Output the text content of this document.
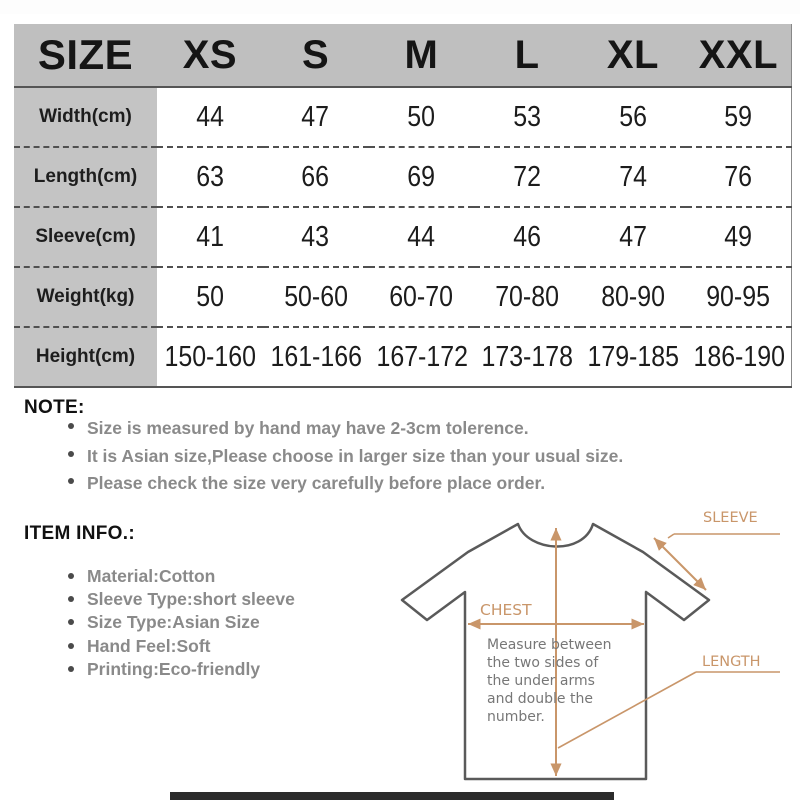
SIZE	XS	S	M	L	XL	XXL
Width(cm)	44	47	50	53	56	59
Length(cm)	63	66	69	72	74	76
Sleeve(cm)	41	43	44	46	47	49
Weight(kg)	50	50-60	60-70	70-80	80-90	90-95
Height(cm)	150-160	161-166	167-172	173-178	179-185	186-190
NOTE:
Size is measured by hand may have 2-3cm tolerence.
It is Asian size,Please choose in larger size than your usual size.
Please check the size very carefully before place order.
ITEM INFO.:
Material:Cotton
Sleeve Type:short sleeve
Size Type:Asian Size
Hand Feel:Soft
Printing:Eco-friendly
SLEEVE
CHEST
LENGTH
Measure between
the two sides of
the under arms
and double the
number.
